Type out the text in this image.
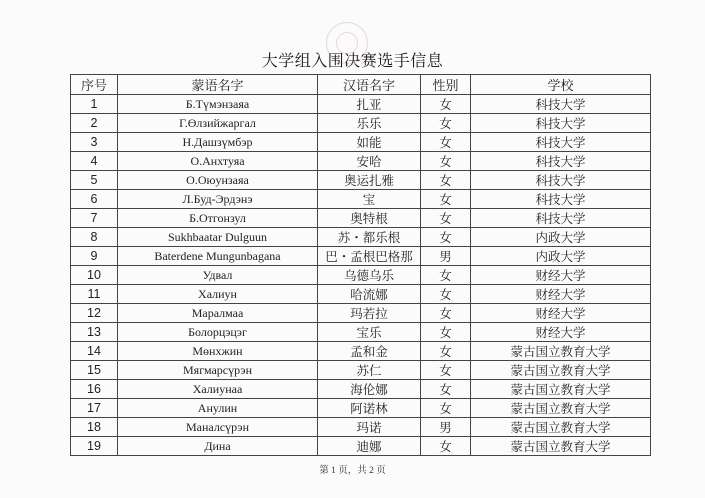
大学组入围决赛选手信息
序号	蒙语名字	汉语名字	性别	学校
1	Б.Түмэнзаяа	扎亚	女	科技大学
2	Г.Өлзийжаргал	乐乐	女	科技大学
3	Н.Дашзүмбэр	如能	女	科技大学
4	О.Анхтуяа	安哈	女	科技大学
5	О.Оюунзаяа	奥运扎雅	女	科技大学
6	Л.Буд-Эрдэнэ	宝	女	科技大学
7	Б.Отгонзул	奥特根	女	科技大学
8	Sukhbaatar Dulguun	苏・都乐根	女	内政大学
9	Baterdene Mungunbagana	巴・孟根巴格那	男	内政大学
10	Удвал	乌德乌乐	女	财经大学
11	Халиун	哈流娜	女	财经大学
12	Маралмаа	玛若拉	女	财经大学
13	Болорцэцэг	宝乐	女	财经大学
14	Мөнхжин	孟和金	女	蒙古国立教育大学
15	Мягмарсүрэн	苏仁	女	蒙古国立教育大学
16	Халиунаа	海伦娜	女	蒙古国立教育大学
17	Анулин	阿诺林	女	蒙古国立教育大学
18	Маналсүрэн	玛诺	男	蒙古国立教育大学
19	Дина	迪娜	女	蒙古国立教育大学
第 1 页，共 2 页
